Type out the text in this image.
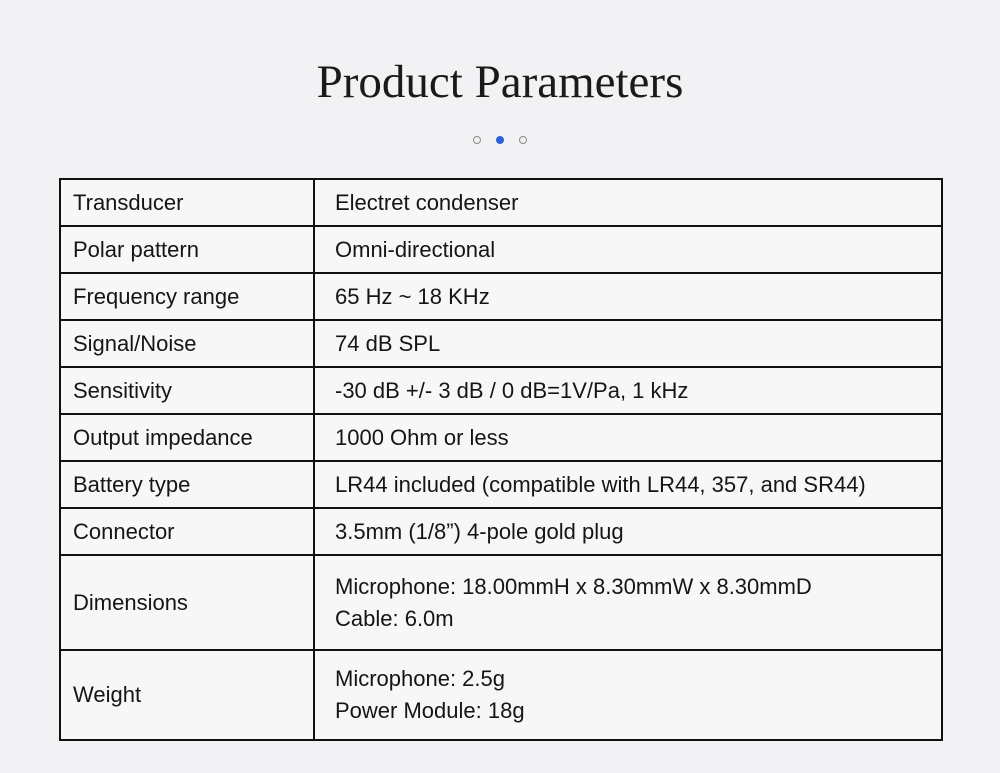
Product Parameters
Transducer	Electret condenser
Polar pattern	Omni-directional
Frequency range	65 Hz ~ 18 KHz
Signal/Noise	74 dB SPL
Sensitivity	-30 dB +/- 3 dB / 0 dB=1V/Pa, 1 kHz
Output impedance	1000 Ohm or less
Battery type	LR44 included (compatible with LR44, 357, and SR44)
Connector	3.5mm (1/8”) 4-pole gold plug
Dimensions	Microphone: 18.00mmH x 8.30mmW x 8.30mmD
Cable: 6.0m

Weight	Microphone: 2.5g
Power Module: 18g
